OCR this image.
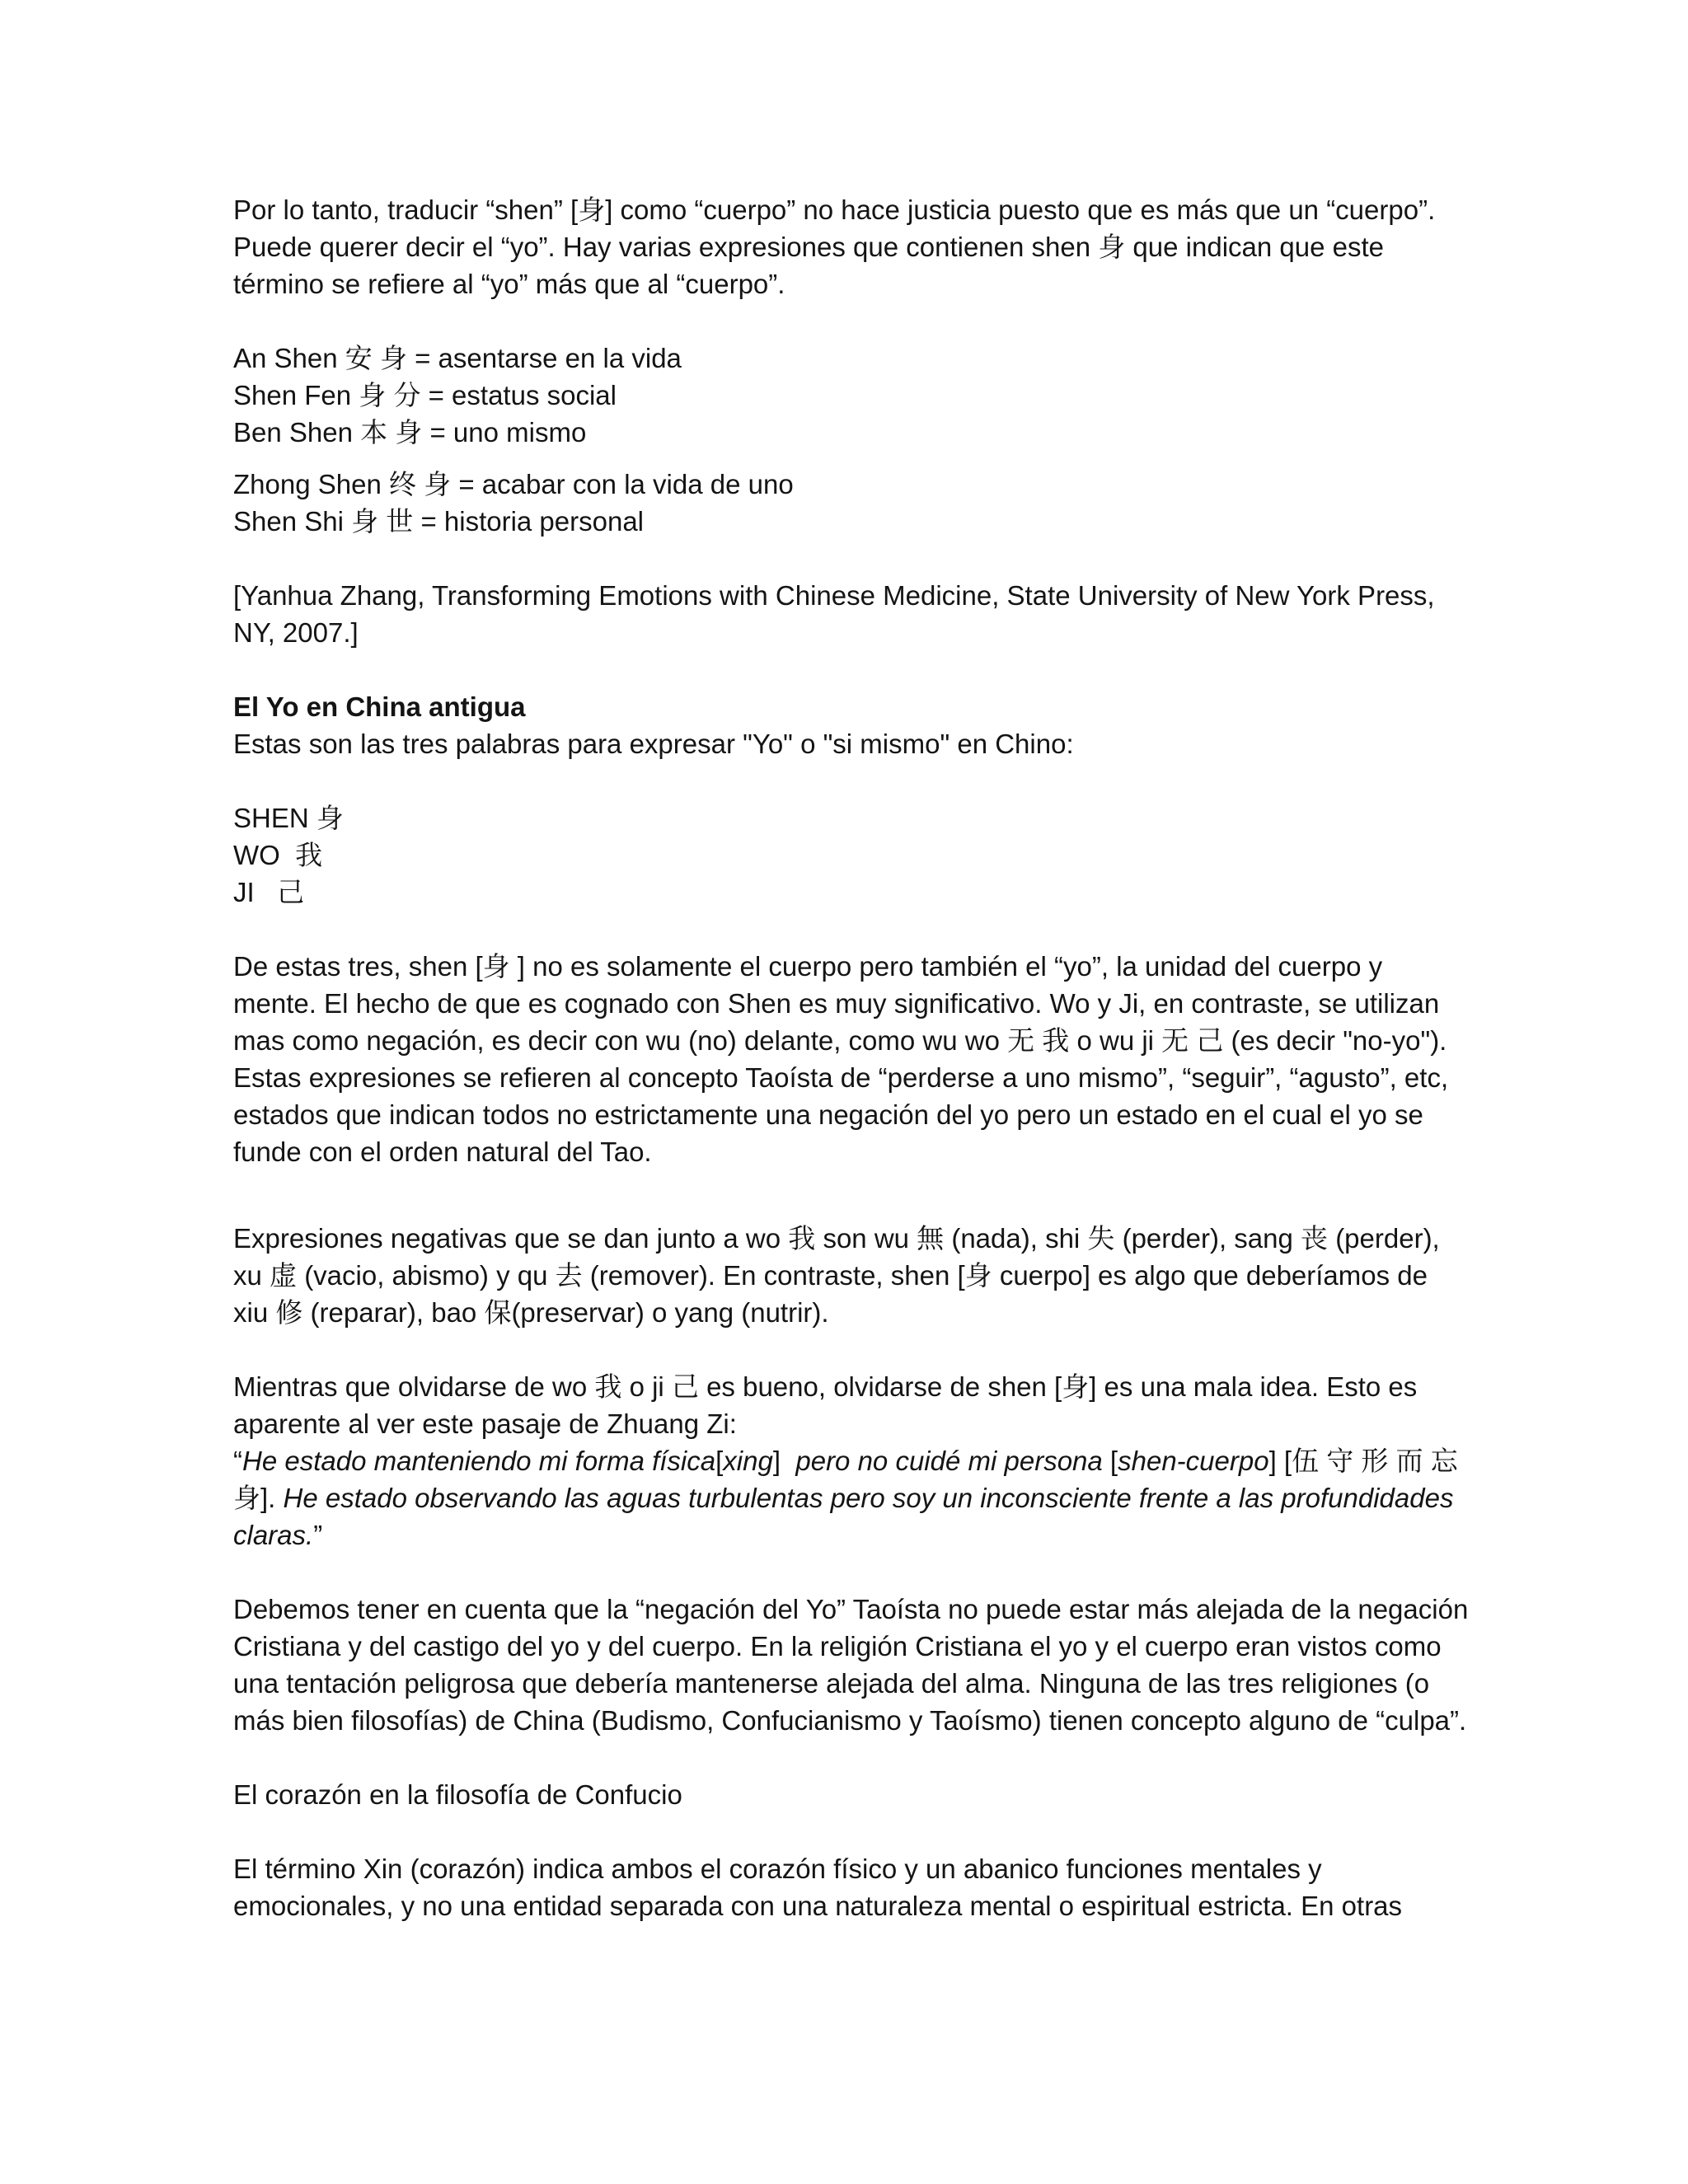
Por lo tanto, traducir “shen” [身] como “cuerpo” no hace justicia puesto que es más que un “cuerpo”. Puede querer decir el “yo”. Hay varias expresiones que contienen shen 身 que indican que este término se refiere al “yo” más que al “cuerpo”.

An Shen 安 身 = asentarse en la vida
Shen Fen 身 分 = estatus social
Ben Shen 本 身 = uno mismo
Zhong Shen 终 身 = acabar con la vida de uno
Shen Shi 身 世 = historia personal

[Yanhua Zhang, Transforming Emotions with Chinese Medicine, State University of New York Press, NY, 2007.]

El Yo en China antigua

Estas son las tres palabras para expresar "Yo" o "si mismo" en Chino:

SHEN 身
WO  我
JI   己

De estas tres, shen [身 ] no es solamente el cuerpo pero también el “yo”, la unidad del cuerpo y mente. El hecho de que es cognado con Shen es muy significativo. Wo y Ji, en contraste, se utilizan mas como negación, es decir con wu (no) delante, como wu wo 无 我 o wu ji 无 己 (es decir "no-yo"). Estas expresiones se refieren al concepto Taoísta de “perderse a uno mismo”, “seguir”, “agusto”, etc, estados que indican todos no estrictamente una negación del yo pero un estado en el cual el yo se funde con el orden natural del Tao.

Expresiones negativas que se dan junto a wo 我 son wu 無 (nada), shi 失 (perder), sang 丧 (perder), xu 虚 (vacio, abismo) y qu 去 (remover). En contraste, shen [身 cuerpo] es algo que deberíamos de xiu 修 (reparar), bao 保(preservar) o yang (nutrir).

Mientras que olvidarse de wo 我 o ji 己 es bueno, olvidarse de shen [身] es una mala idea. Esto es aparente al ver este pasaje de Zhuang Zi:

“He estado manteniendo mi forma física[xing]  pero no cuidé mi persona [shen-cuerpo] [伍 守 形 而 忘 身]. He estado observando las aguas turbulentas pero soy un inconsciente frente a las profundidades claras.”

Debemos tener en cuenta que la “negación del Yo” Taoísta no puede estar más alejada de la negación Cristiana y del castigo del yo y del cuerpo. En la religión Cristiana el yo y el cuerpo eran vistos como una tentación peligrosa que debería mantenerse alejada del alma. Ninguna de las tres religiones (o más bien filosofías) de China (Budismo, Confucianismo y Taoísmo) tienen concepto alguno de “culpa”.

El corazón en la filosofía de Confucio

El término Xin (corazón) indica ambos el corazón físico y un abanico funciones mentales y emocionales, y no una entidad separada con una naturaleza mental o espiritual estricta. En otras
